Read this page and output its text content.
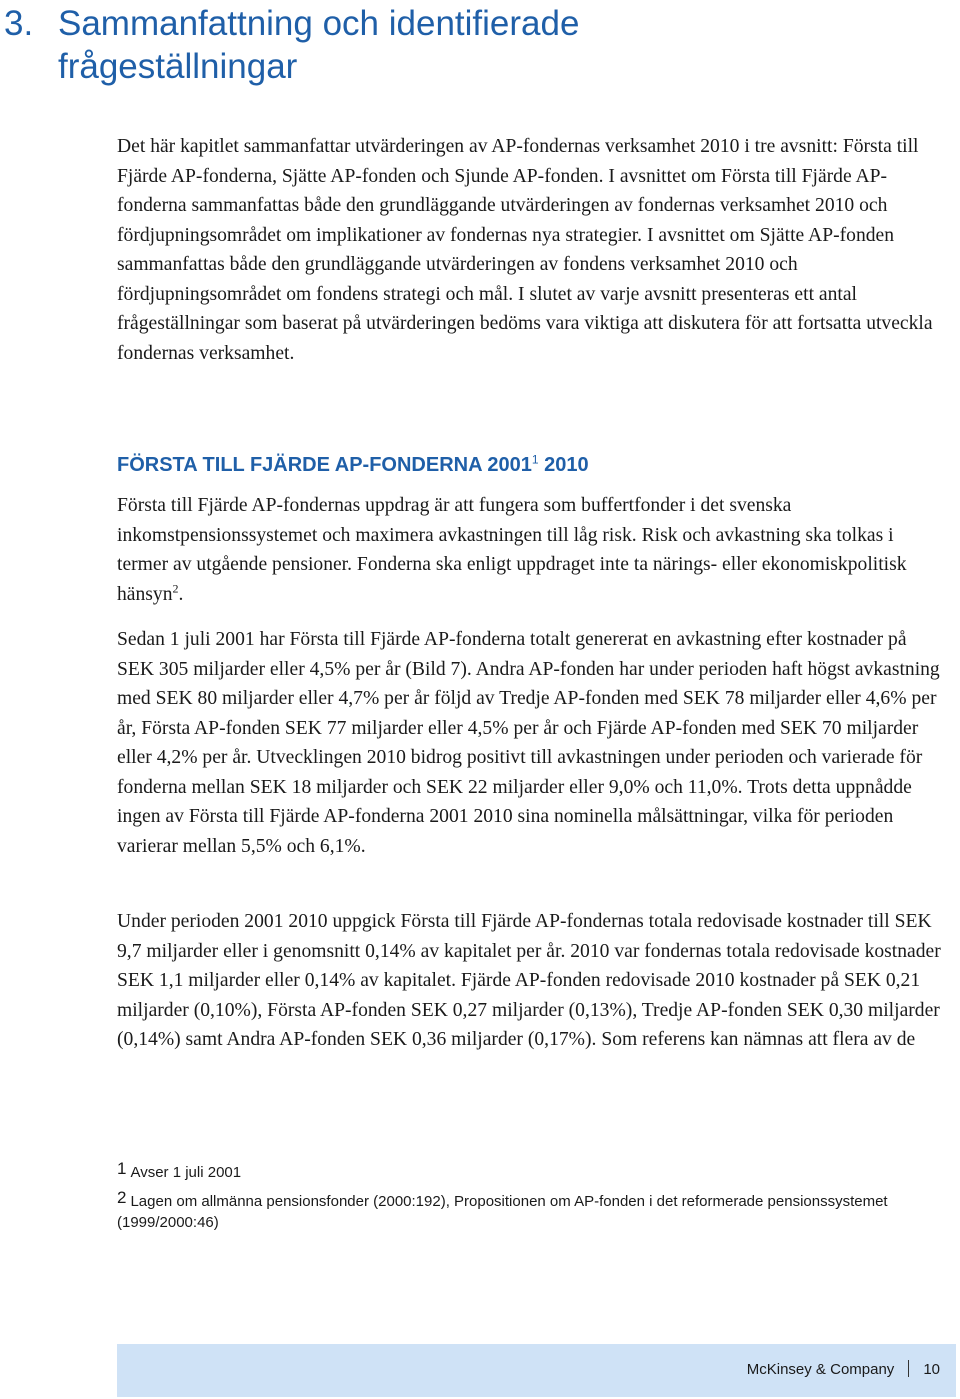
3. Sammanfattning och identifierade
frågeställningar

Det här kapitlet sammanfattar utvärderingen av AP-fondernas verksamhet 2010 i tre avsnitt: Första till Fjärde AP-fonderna, Sjätte AP-fonden och Sjunde AP-fonden. I avsnittet om Första till Fjärde AP-fonderna sammanfattas både den grundläggande utvärderingen av fondernas verksamhet 2010 och fördjupningsområdet om implikationer av fondernas nya strategier. I avsnittet om Sjätte AP-fonden sammanfattas både den grundläggande utvärderingen av fondens verksamhet 2010 och fördjupningsområdet om fondens strategi och mål. I slutet av varje avsnitt presenteras ett antal frågeställningar som baserat på utvärderingen bedöms vara viktiga att diskutera för att fortsatta utveckla fondernas verksamhet.

FÖRSTA TILL FJÄRDE AP-FONDERNA 2001$^1$ 2010

Första till Fjärde AP-fondernas uppdrag är att fungera som buffertfonder i det svenska inkomstpensionssystemet och maximera avkastningen till låg risk. Risk och avkastning ska tolkas i termer av utgående pensioner. Fonderna ska enligt uppdraget inte ta närings- eller ekonomiskpolitisk hänsyn$^2$.

Sedan 1 juli 2001 har Första till Fjärde AP-fonderna totalt genererat en avkastning efter kostnader på SEK 305 miljarder eller 4,5% per år (Bild 7). Andra AP-fonden har under perioden haft högst avkastning med SEK 80 miljarder eller 4,7% per år följd av Tredje AP-fonden med SEK 78 miljarder eller 4,6% per år, Första AP-fonden SEK 77 miljarder eller 4,5% per år och Fjärde AP-fonden med SEK 70 miljarder eller 4,2% per år. Utvecklingen 2010 bidrog positivt till avkastningen under perioden och varierade för fonderna mellan SEK 18 miljarder och SEK 22 miljarder eller 9,0% och 11,0%. Trots detta uppnådde ingen av Första till Fjärde AP-fonderna 2001 2010 sina nominella målsättningar, vilka för perioden varierar mellan 5,5% och 6,1%.

Under perioden 2001 2010 uppgick Första till Fjärde AP-fondernas totala redovisade kostnader till SEK 9,7 miljarder eller i genomsnitt 0,14% av kapitalet per år. 2010 var fondernas totala redovisade kostnader SEK 1,1 miljarder eller 0,14% av kapitalet. Fjärde AP-fonden redovisade 2010 kostnader på SEK 0,21 miljarder (0,10%), Första AP-fonden SEK 0,27 miljarder (0,13%), Tredje AP-fonden SEK 0,30 miljarder (0,14%) samt Andra AP-fonden SEK 0,36 miljarder (0,17%). Som referens kan nämnas att flera av de

1 Avser 1 juli 2001

2 Lagen om allmänna pensionsfonder (2000:192), Propositionen om AP-fonden i det reformerade pensionssystemet (1999/2000:46)

McKinsey & Company 10
